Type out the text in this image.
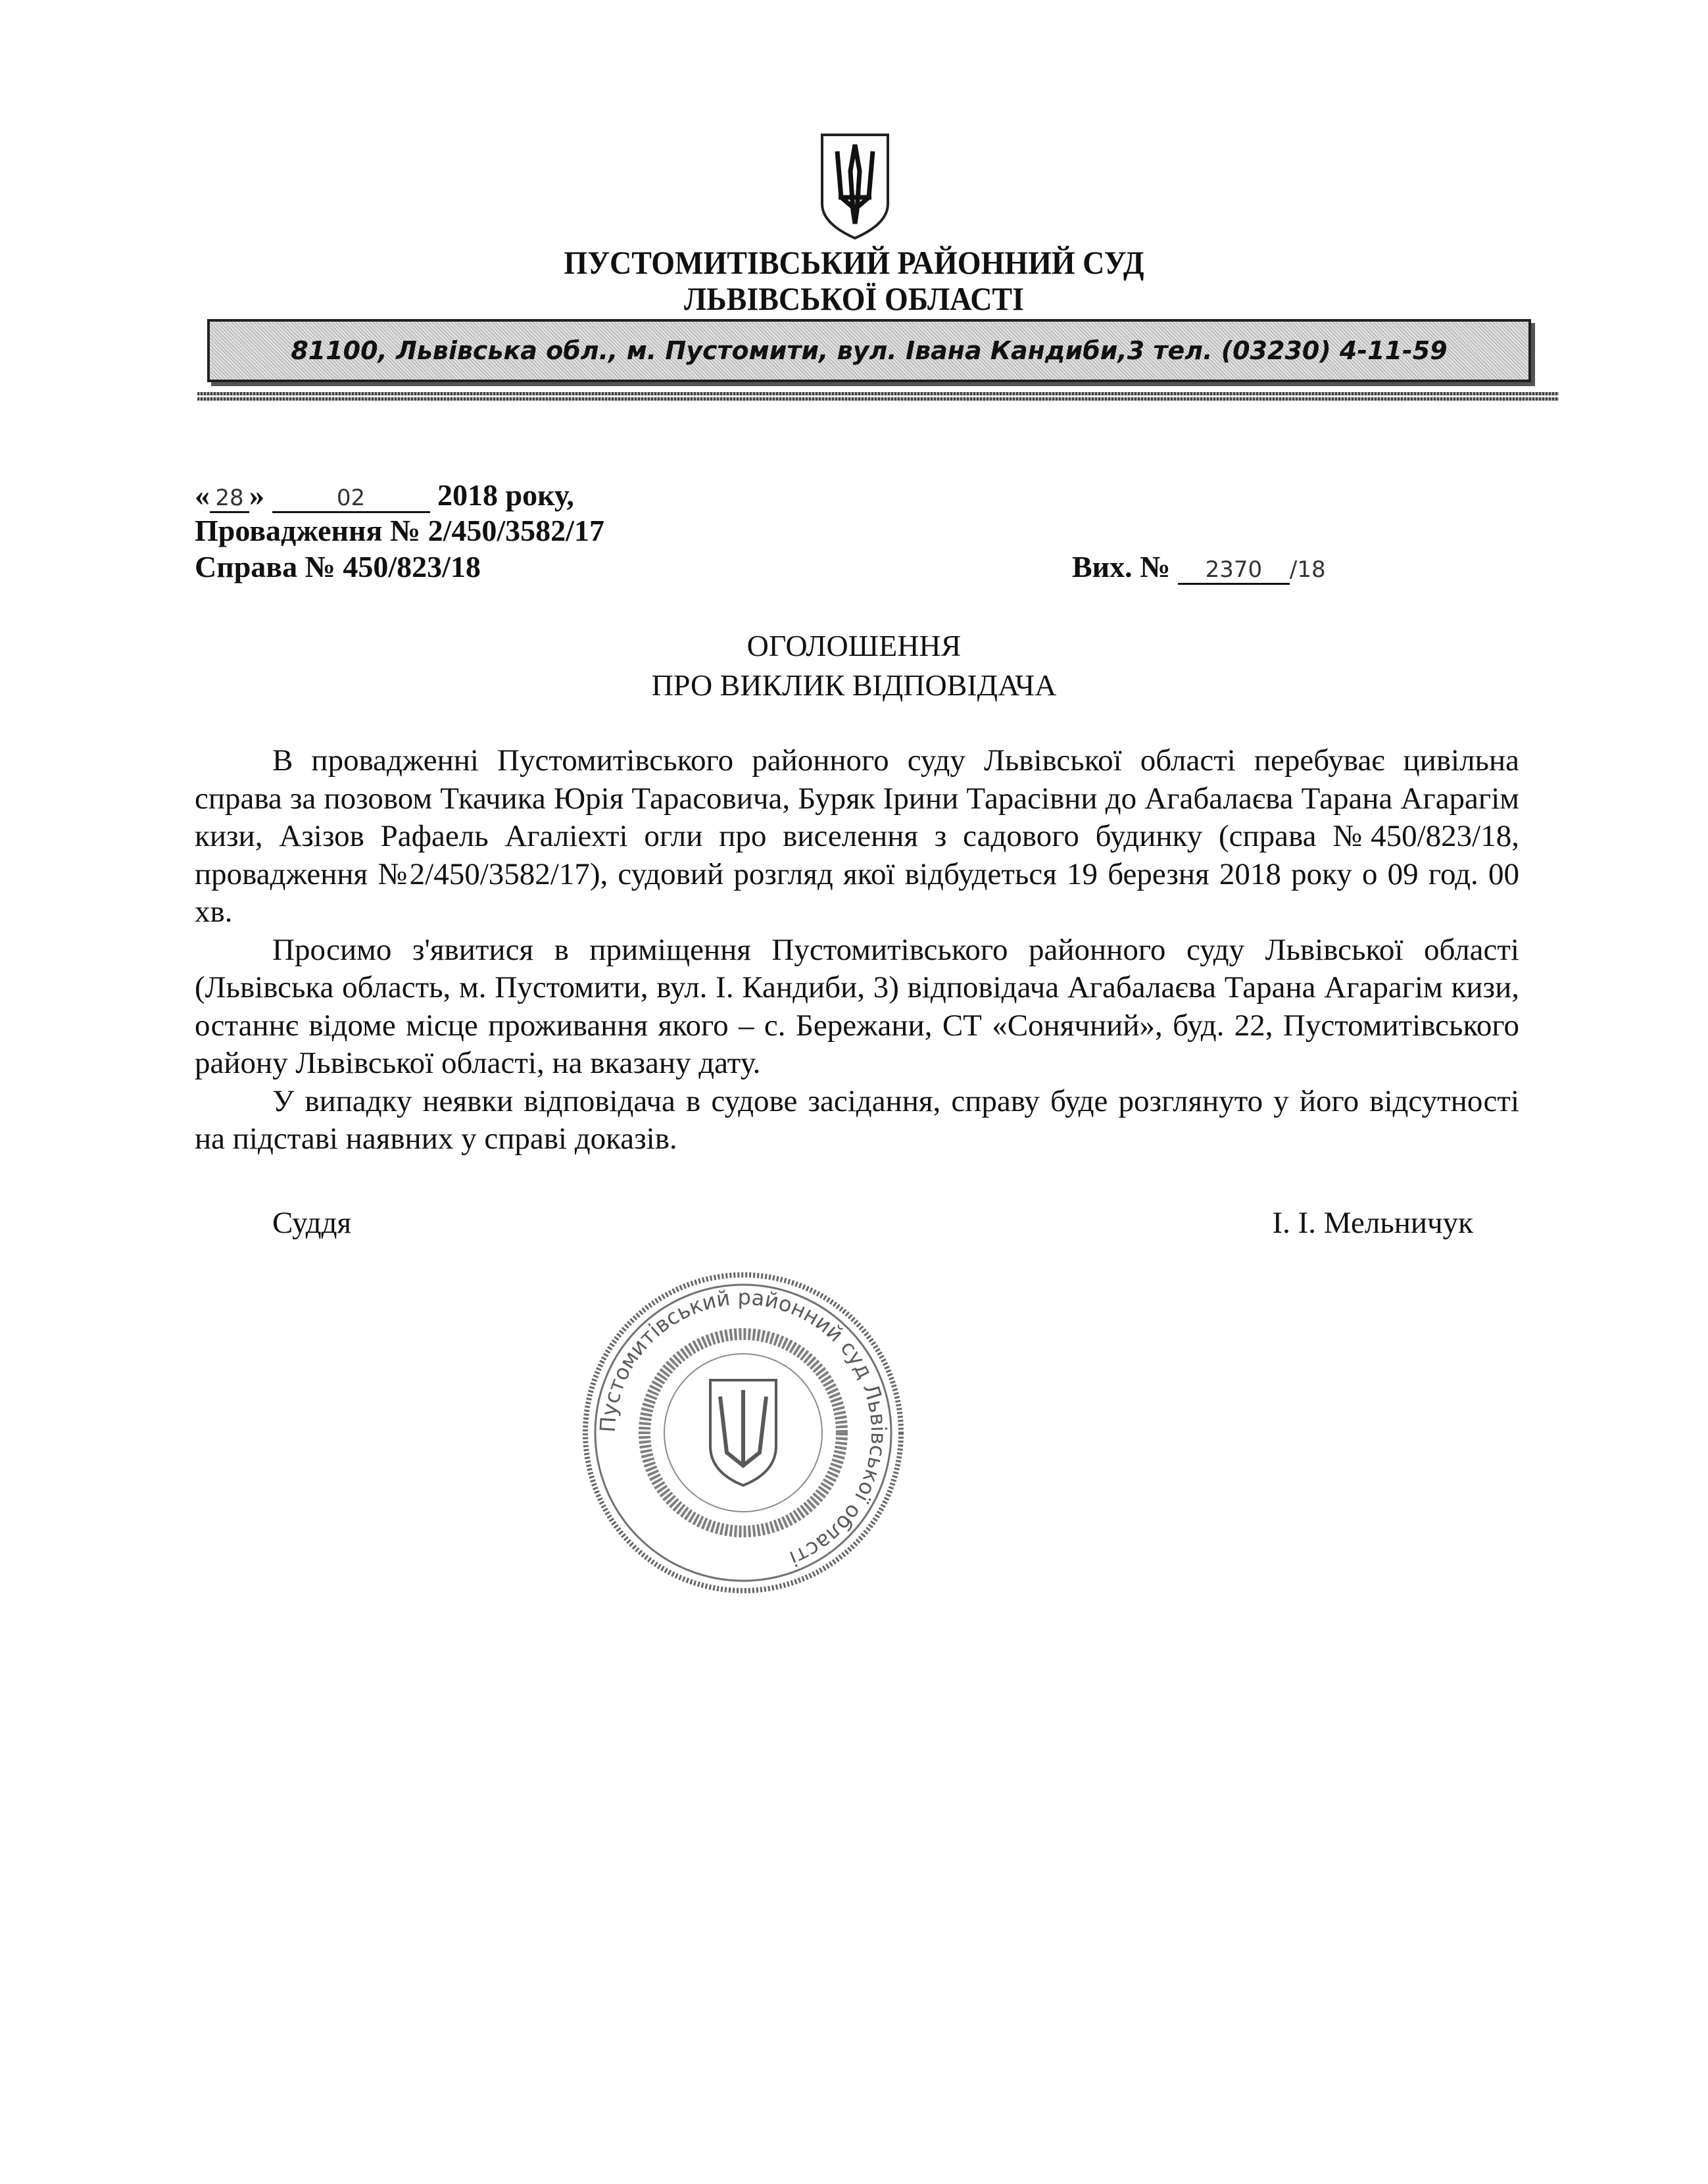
ПУСТОМИТІВСЬКИЙ РАЙОННИЙ СУД
ЛЬВІВСЬКОЇ ОБЛАСТІ
81100, Львівська обл., м. Пустомити, вул. Івана Кандиби,3 тел. (03230) 4-11-59
« 28 »	02 2018 року,
Провадження № 2/450/3582/17
Справа № 450/823/18	Вих. № 2370 /18
ОГОЛОШЕННЯ
ПРО ВИКЛИК ВІДПОВІДАЧА

В провадженні Пустомитівського районного суду Львівської області перебуває цивільна справа за позовом Ткачика Юрія Тарасовича, Буряк Ірини Тарасівни до Агабалаєва Тарана Агарагім кизи, Азізов Рафаель Агаліехті огли про виселення з садового будинку (справа №450/823/18, провадження №2/450/3582/17), судовий розгляд якої відбудеться 19 березня 2018 року о 09 год. 00 хв.

Просимо з'явитися в приміщення Пустомитівського районного суду Львівської області (Львівська область, м. Пустомити, вул. І. Кандиби, 3) відповідача Агабалаєва Тарана Агарагім кизи, останнє відоме місце проживання якого – с. Бережани, СТ «Сонячний», буд. 22, Пустомитівського району Львівської області, на вказану дату.

У випадку неявки відповідача в судове засідання, справу буде розглянуто у його відсутності на підставі наявних у справі доказів.

Суддя	І. І. Мельничук
Пустомитівський районний суд Львівської області
